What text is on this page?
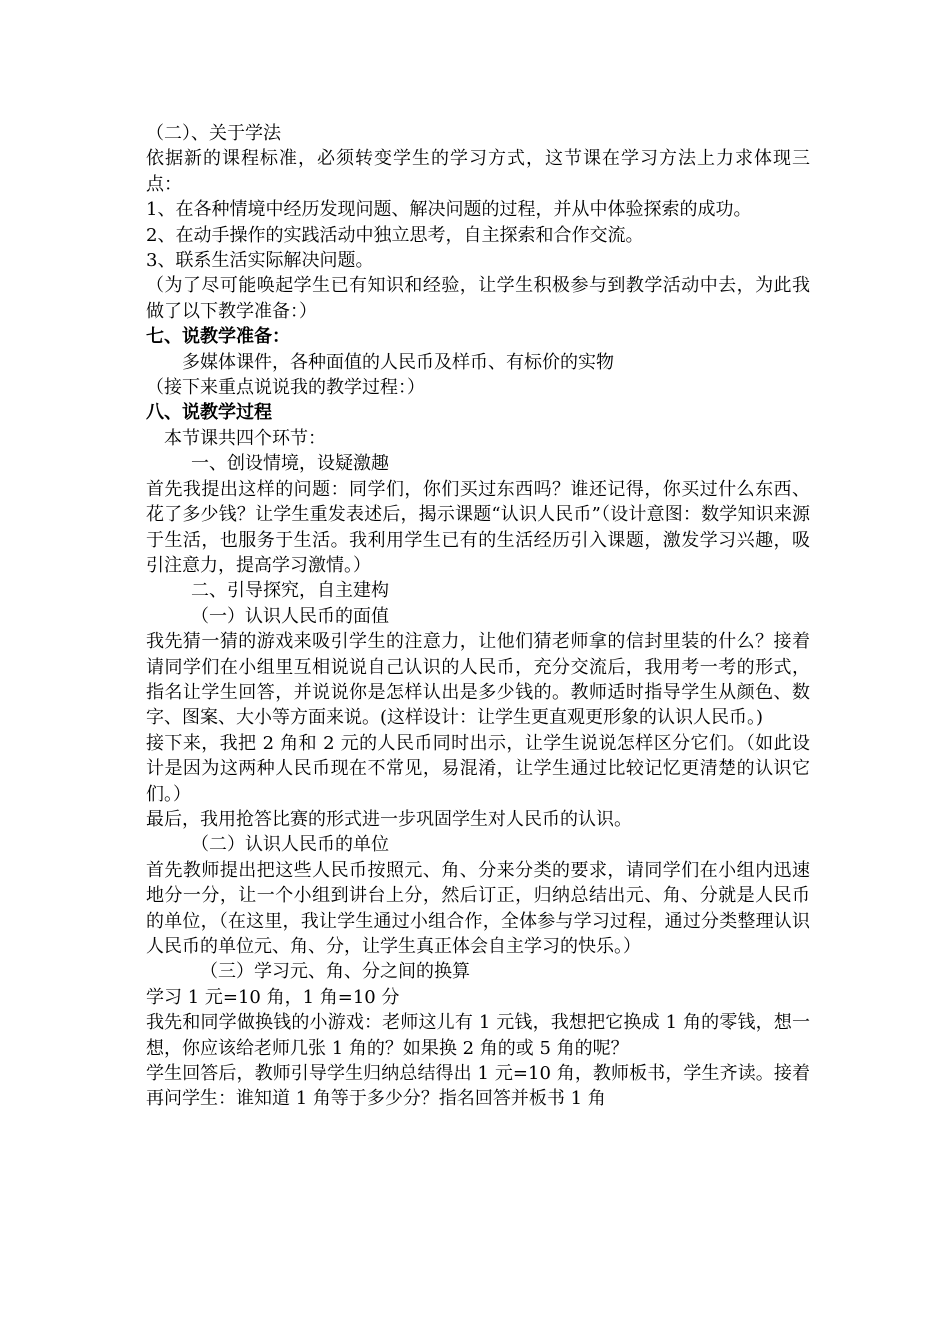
（二）、关于学法

依据新的课程标准，必须转变学生的学习方式，这节课在学习方法上力求体现三点：

1、在各种情境中经历发现问题、解决问题的过程，并从中体验探索的成功。

2、在动手操作的实践活动中独立思考，自主探索和合作交流。

3、联系生活实际解决问题。

（为了尽可能唤起学生已有知识和经验，让学生积极参与到教学活动中去，为此我做了以下教学准备：）

七、说教学准备：

多媒体课件，各种面值的人民币及样币、有标价的实物

（接下来重点说说我的教学过程：）

八、说教学过程

本节课共四个环节：

一、创设情境，设疑激趣

首先我提出这样的问题：同学们，你们买过东西吗？谁还记得，你买过什么东西、花了多少钱？让学生重发表述后，揭示课题“认识人民币”（设计意图：数学知识来源于生活，也服务于生活。我利用学生已有的生活经历引入课题，激发学习兴趣，吸引注意力，提高学习激情。）

二、引导探究，自主建构

（一）认识人民币的面值

我先猜一猜的游戏来吸引学生的注意力，让他们猜老师拿的信封里装的什么？接着请同学们在小组里互相说说自己认识的人民币，充分交流后，我用考一考的形式，指名让学生回答，并说说你是怎样认出是多少钱的。教师适时指导学生从颜色、数字、图案、大小等方面来说。(这样设计：让学生更直观更形象的认识人民币。)

接下来，我把 2 角和 2 元的人民币同时出示，让学生说说怎样区分它们。（如此设计是因为这两种人民币现在不常见，易混淆，让学生通过比较记忆更清楚的认识它们。）

最后，我用抢答比赛的形式进一步巩固学生对人民币的认识。

（二）认识人民币的单位

首先教师提出把这些人民币按照元、角、分来分类的要求，请同学们在小组内迅速地分一分，让一个小组到讲台上分，然后订正，归纳总结出元、角、分就是人民币的单位，（在这里，我让学生通过小组合作，全体参与学习过程，通过分类整理认识人民币的单位元、角、分，让学生真正体会自主学习的快乐。）

（三）学习元、角、分之间的换算

学习 1 元=10 角，1 角=10 分

我先和同学做换钱的小游戏：老师这儿有 1 元钱，我想把它换成 1 角的零钱，想一想，你应该给老师几张 1 角的？如果换 2 角的或 5 角的呢？

学生回答后，教师引导学生归纳总结得出 1 元=10 角，教师板书，学生齐读。接着再问学生：谁知道 1 角等于多少分？指名回答并板书 1 角
